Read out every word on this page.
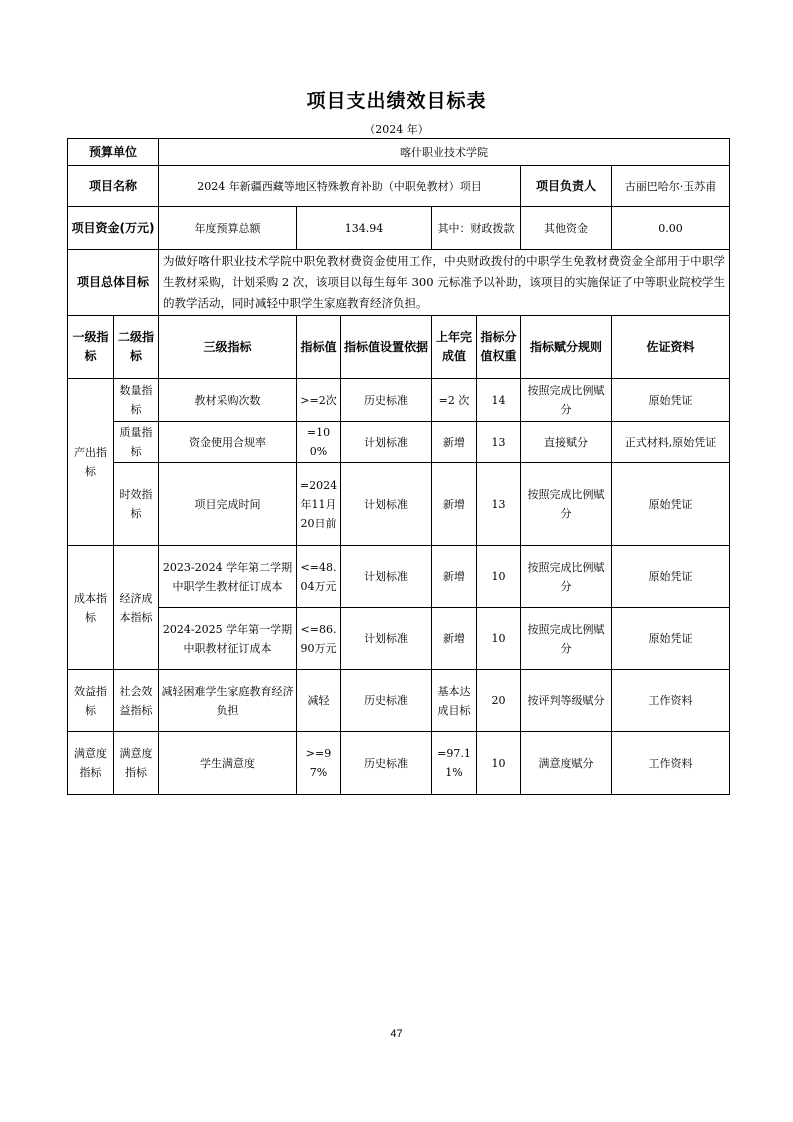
项目支出绩效目标表
（2024 年）
预算单位		喀什职业技术学院						
项目名称		2024 年新疆西藏等地区特殊教育补助（中职免教材）项目					项目负责人	古丽巴哈尔·玉苏甫
项目资金(万元)		年度预算总额	134.94		其中：财政拨款		其他资金	0.00
项目总体目标		为做好喀什职业技术学院中职免教材费资金使用工作，中央财政拨付的中职学生免教材费资金全部用于中职学生教材采购，计划采购 2 次，该项目以每生每年 300 元标准予以补助，该项目的实施保证了中等职业院校学生的教学活动，同时减轻中职学生家庭教育经济负担。						
一级指标	二级指标	三级指标	指标值	指标值设置依据	上年完成值	指标分值权重	指标赋分规则	佐证资料
产出指标	数量指标	教材采购次数	>=2次	历史标准	=2 次	14	按照完成比例赋分	原始凭证
	质量指标	资金使用合规率	=100%	计划标准	新增	13	直接赋分	正式材料,原始凭证
	时效指标	项目完成时间	=2024年11月20日前	计划标准	新增	13	按照完成比例赋分	原始凭证
成本指标	经济成本指标	2023-2024 学年第二学期中职学生教材征订成本	<=48.04万元	计划标准	新增	10	按照完成比例赋分	原始凭证
		2024-2025 学年第一学期中职教材征订成本	<=86.90万元	计划标准	新增	10	按照完成比例赋分	原始凭证
效益指标	社会效益指标	减轻困难学生家庭教育经济负担	减轻	历史标准	基本达成目标	20	按评判等级赋分	工作资料
满意度指标	满意度指标	学生满意度	>=97%	历史标准	=97.11%	10	满意度赋分	工作资料
47
